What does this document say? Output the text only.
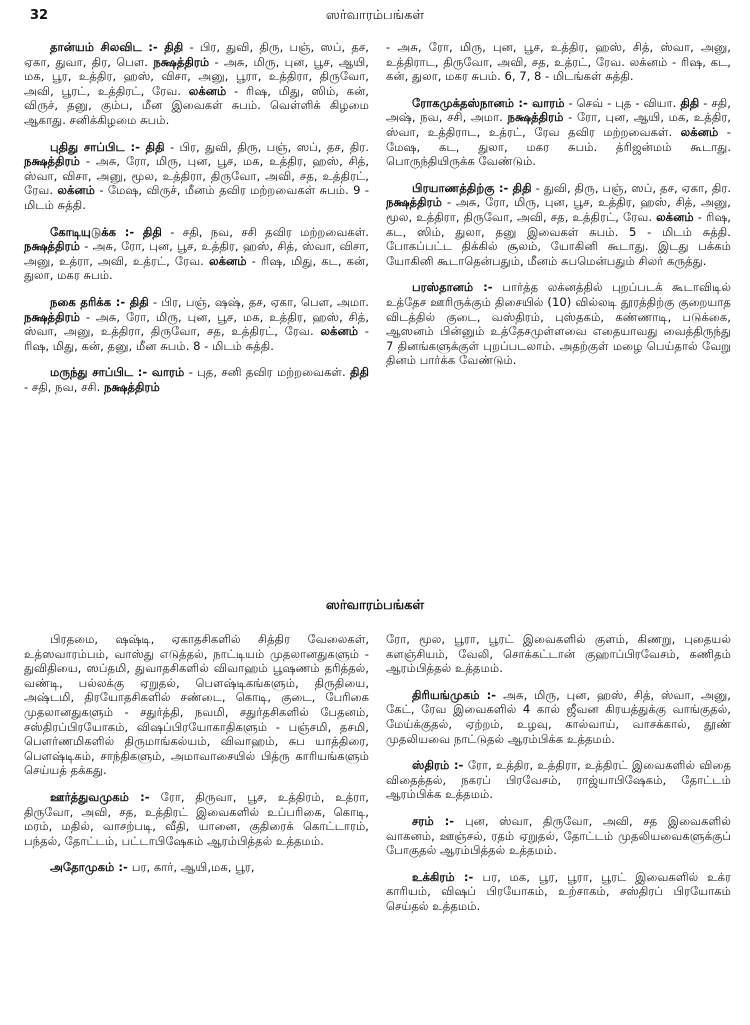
32	ஸர்வாரம்பங்கள்

தான்யம் சிலவிட :- திதி - பிர, துவி, திரு, பஞ், ஸப், தச, ஏகா, துவா, திர, பௌ. நக்ஷத்திரம் - அசு, மிரு, புன, பூச, ஆயி, மக, பூர, உத்திர, ஹஸ், விசா, அனு, பூரா, உத்திரா, திருவோ, அவி, பூரட், உத்திரட், ரேவ. லக்னம் - ரிஷ, மிது, ஸிம், கன், விருச், தனு, கும்ப, மீன இவைகள் சுபம். வெள்ளிக் கிழமை ஆகாது. சனிக்கிழமை சுபம்.

புதிது சாப்பிட :- திதி - பிர, துவி, திரு, பஞ், ஸப், தச, திர. நக்ஷத்திரம் - அசு, ரோ, மிரு, புன, பூச, மக, உத்திர, ஹஸ், சித், ஸ்வா, விசா, அனு, மூல, உத்திரா, திருவோ, அவி, சத, உத்திரட், ரேவ. லக்னம் - மேஷ, விருச், மீனம் தவிர மற்றவைகள் சுபம். 9 - மிடம் சுத்தி.

கோடியுடுக்க :- திதி - சதி, நவ, சசி தவிர மற்றவைகள். நக்ஷத்திரம் - அசு, ரோ, புன, பூச, உத்திர, ஹஸ், சித், ஸ்வா, விசா, அனு, உத்ரா, அவி, உத்ரட், ரேவ. லக்னம் - ரிஷ, மிது, கட, கன், துலா, மகர சுபம்.

நகை தரிக்க :- திதி - பிர, பஞ், ஷஷ், தச, ஏகா, பௌ, அமா. நக்ஷத்திரம் - அசு, ரோ, மிரு, புன, பூச, மக, உத்திர, ஹஸ், சித், ஸ்வா, அனு, உத்திரா, திருவோ, சத, உத்திரட், ரேவ. லக்னம் - ரிஷ, மிது, கன், தனு, மீன சுபம். 8 - மிடம் சுத்தி.

மருந்து சாப்பிட :- வாரம் - புத, சனி தவிர மற்றவைகள். திதி - சதி, நவ, சசி. நக்ஷத்திரம்

- அசு, ரோ, மிரு, புன, பூச, உத்திர, ஹஸ், சித், ஸ்வா, அனு, உத்திராட, திருவோ, அவி, சத, உத்ரட், ரேவ. லக்னம் - ரிஷ, கட, கன், துலா, மகர சுபம். 6, 7, 8 - மிடங்கள் சுத்தி.

ரோகமுக்தஸ்நானம் :- வாரம் - செவ் - புத - வியா. திதி - சதி, அஷ், நவ, சசி, அமா. நக்ஷத்திரம் - ரோ, புன, ஆயி, மக, உத்திர, ஸ்வா, உத்திராட, உத்ரட், ரேவ தவிர மற்றவைகள். லக்னம் - மேஷ, கட, துலா, மகர சுபம். த்ரிஜன்மம் கூடாது. பொருந்தியிருக்க வேண்டும்.

பிரயாணத்திற்கு :- திதி - துவி, திரு, பஞ், ஸப், தச, ஏகா, திர. நக்ஷத்திரம் - அசு, ரோ, மிரு, புன, பூச, உத்திர, ஹஸ், சித், அனு, மூல, உத்திரா, திருவோ, அவி, சத, உத்திரட், ரேவ. லக்னம் - ரிஷ, கட, ஸிம், துலா, தனு இவைகள் சுபம். 5 - மிடம் சுத்தி. போகப்பட்ட திக்கில் சூலம், யோகினி கூடாது. இடது பக்கம் யோகினி கூடாதென்பதும், மீனம் சுபமென்பதும் சிலர் கருத்து.

பரஸ்தானம் :- பார்த்த லக்னத்தில் புறப்படக் கூடாவிடில் உத்தேச ஊரிருக்கும் திசையில் (10) வில்லடி தூரத்திற்கு குறையாத விடத்தில் குடை, வஸ்திரம், புஸ்தகம், கண்ணாடி, படுக்கை, ஆஸனம் பின்னும் உத்தேசமுள்ளவை எதையாவது வைத்திருந்து 7 தினங்களுக்குள் புறப்படலாம். அதற்குள் மழை பெய்தால் வேறு தினம் பார்க்க வேண்டும்.

ஸர்வாரம்பங்கள்

பிரதமை, ஷஷ்டி, ஏகாதசிகளில் சித்திர வேலைகள், உத்ஸவாரம்பம், வாஸ்து எடுத்தல், நாட்டியம் முதலானதுகளும் - துவிதியை, ஸப்தமி, துவாதசிகளில் விவாஹம் பூஷணம் தரித்தல், வண்டி, பல்லக்கு ஏறுதல், பௌஷ்டிகங்களும், திருதியை, அஷ்டமி, திரயோதசிகளில் சண்டை, கொடி, குடை, பேரிகை முதலானதுகளும் - சதுர்த்தி, நவமி, சதுர்தசிகளில் பேதனம், சஸ்திரப்பிரயோகம், விஷப்பிரயோகாதிகளும் - பஞ்சமி, தசமி, பௌர்ணமிகளில் திருமாங்கல்யம், விவாஹம், சுப யாத்திரை, பௌஷ்டிகம், சாந்திகளும், அமாவாசையில் பித்ரு காரியங்களும் செய்யத் தக்கது.

ஊர்த்துவமுகம் :- ரோ, திருவா, பூச, உத்திரம், உத்ரா, திருவோ, அவி, சத, உத்திரட் இவைகளில் உப்பரிகை, கொடி, மரம், மதில், வாசற்படி, வீதி, யானை, குதிரைக் கொட்டாரம், பந்தல், தோட்டம், பட்டாபிஷேகம் ஆரம்பித்தல் உத்தமம்.

அதோமுகம் :- பர, கார், ஆயி,மக, பூர,

ரோ, மூல, பூரா, பூரட் இவைகளில் குளம், கிணறு, புதையல் களஞ்சியம், வேலி, சொக்கட்டான் குஹாப்பிரவேசம், கணிதம் ஆரம்பித்தல் உத்தமம்.

திரியங்முகம் :- அசு, மிரு, புன, ஹஸ், சித், ஸ்வா, அனு, கேட், ரேவ இவைகளில் 4 கால் ஜீவன கிரயத்துக்கு வாங்குதல், மேய்க்குதல், ஏற்றம், உழவு, கால்வாய், வாசக்கால், தூண் முதலியவை நாட்டுதல் ஆரம்பிக்க உத்தமம்.

ஸ்திரம் :- ரோ, உத்திர, உத்திரா, உத்திரட் இவைகளில் விதை விதைத்தல், நகரப் பிரவேசம், ராஜ்யாபிஷேகம், தோட்டம் ஆரம்பிக்க உத்தமம்.

சரம் :- புன, ஸ்வா, திருவோ, அவி, சத இவைகளில் வாகனம், ஊஞ்சல், ரதம் ஏறுதல், தோட்டம் முதலியவைகளுக்குப் போகுதல் ஆரம்பித்தல் உத்தமம்.

உக்கிரம் :- பர, மக, பூர, பூரா, பூரட் இவைகளில் உக்ர காரியம், விஷப் பிரயோகம், உற்சாகம், சஸ்திரப் பிரயோகம் செய்தல் உத்தமம்.
